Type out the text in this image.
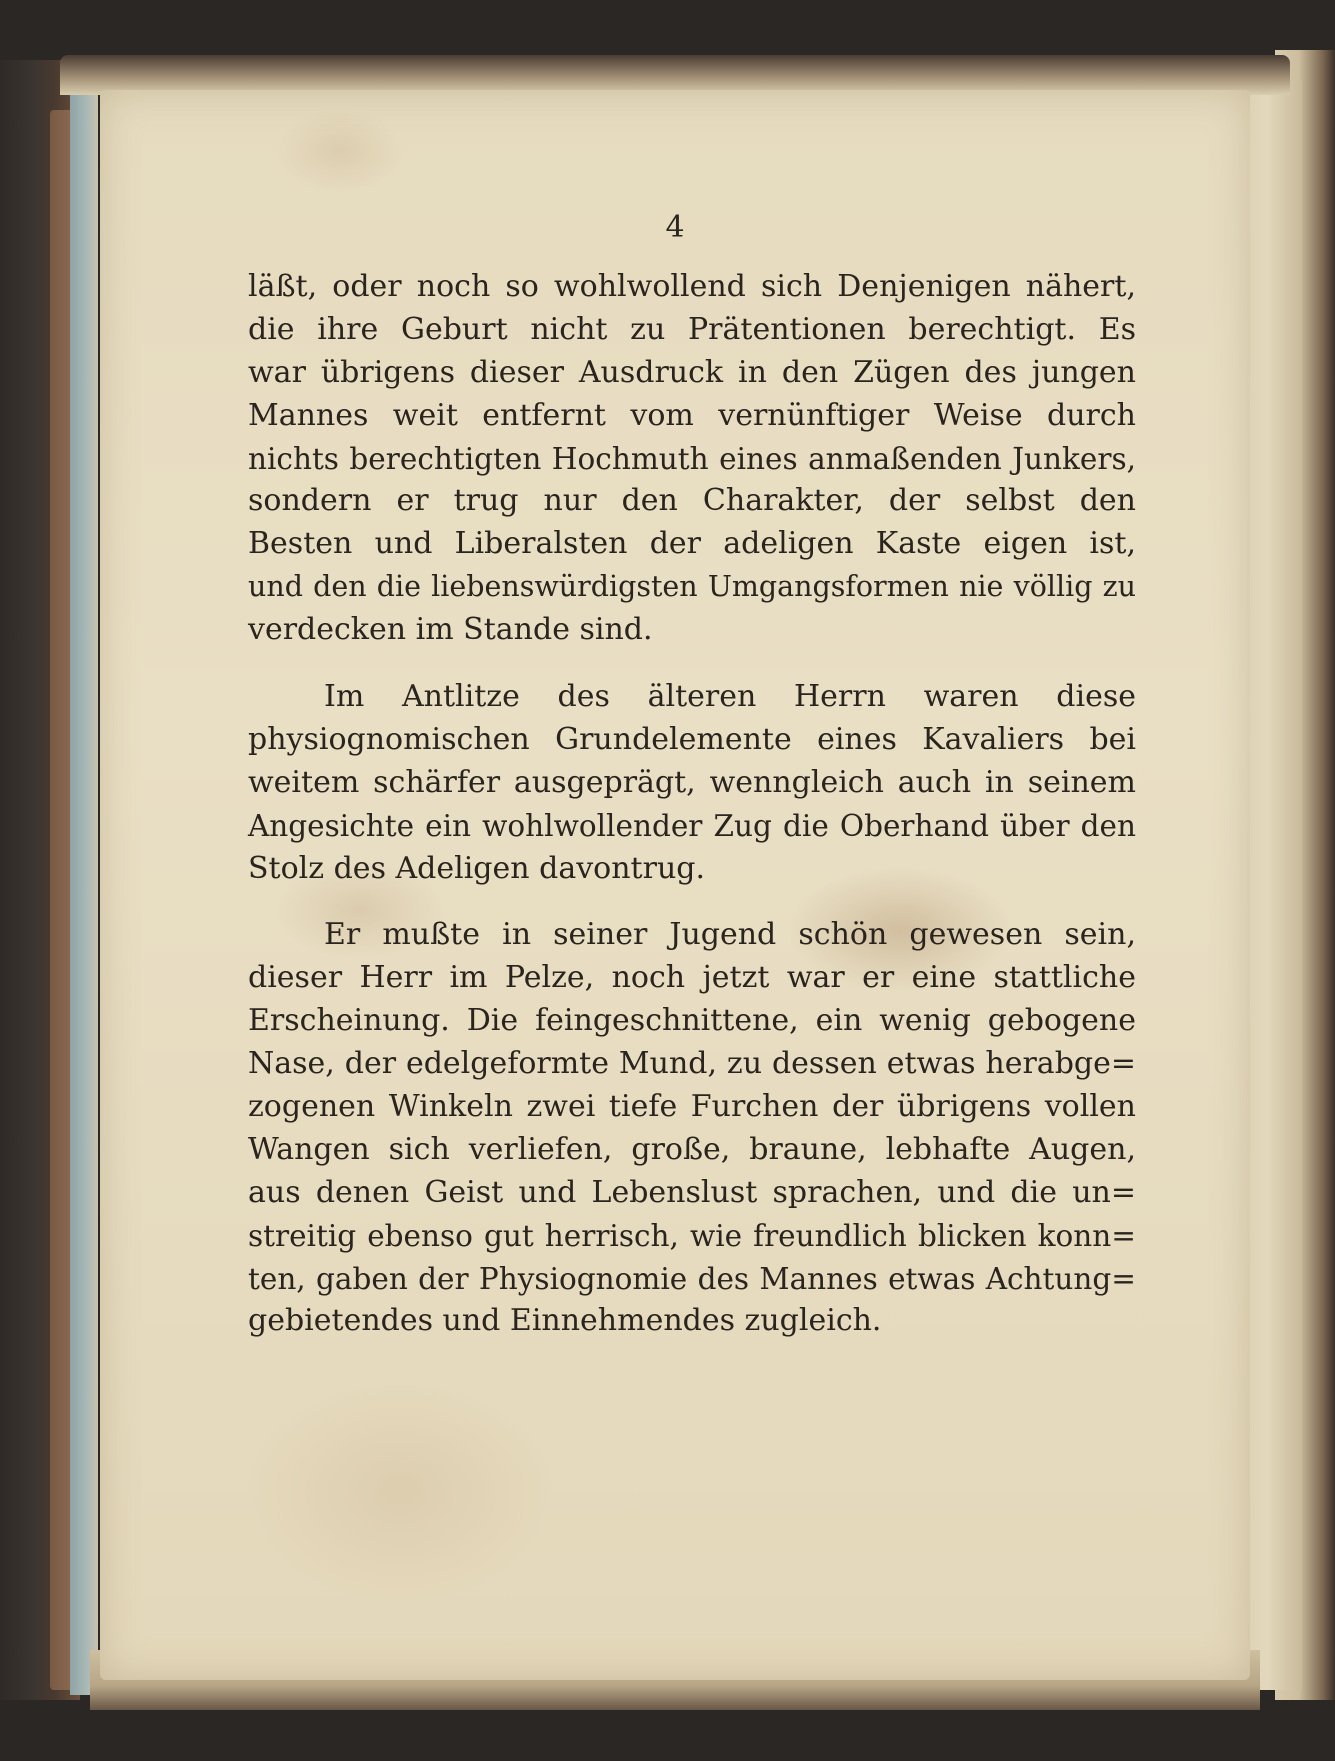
4

läßt, oder noch so wohlwollend sich Denjenigen nähert,
die ihre Geburt nicht zu Prätentionen berechtigt. Es
war übrigens dieser Ausdruck in den Zügen des jungen
Mannes weit entfernt vom vernünftiger Weise durch
nichts berechtigten Hochmuth eines anmaßenden Junkers,
sondern er trug nur den Charakter, der selbst den
Besten und Liberalsten der adeligen Kaste eigen ist,
und den die liebenswürdigsten Umgangsformen nie völlig zu
verdecken im Stande sind.

Im Antlitze des älteren Herrn waren diese
physiognomischen Grundelemente eines Kavaliers bei
weitem schärfer ausgeprägt, wenngleich auch in seinem
Angesichte ein wohlwollender Zug die Oberhand über den
Stolz des Adeligen davontrug.

Er mußte in seiner Jugend schön gewesen sein,
dieser Herr im Pelze, noch jetzt war er eine stattliche
Erscheinung. Die feingeschnittene, ein wenig gebogene
Nase, der edelgeformte Mund, zu dessen etwas herabge=
zogenen Winkeln zwei tiefe Furchen der übrigens vollen
Wangen sich verliefen, große, braune, lebhafte Augen,
aus denen Geist und Lebenslust sprachen, und die un=
streitig ebenso gut herrisch, wie freundlich blicken konn=
ten, gaben der Physiognomie des Mannes etwas Achtung=
gebietendes und Einnehmendes zugleich.
